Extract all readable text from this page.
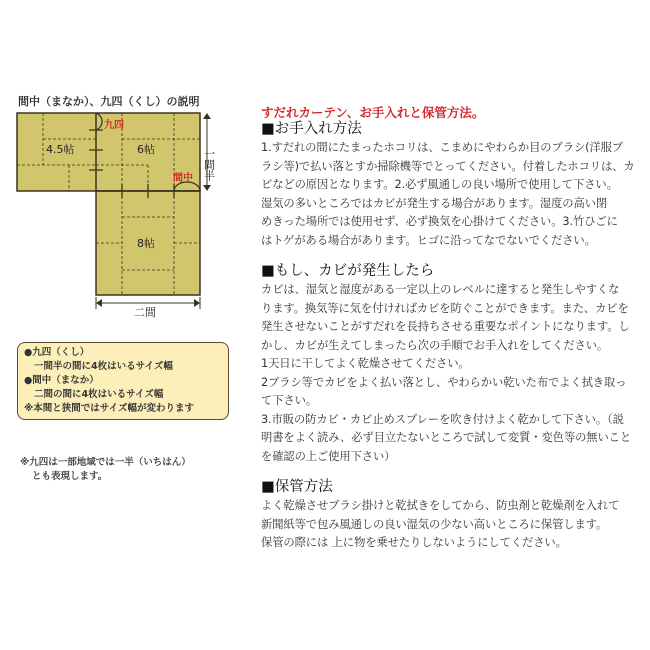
間中（まなか）、九四（くし）の説明
4.5帖	6帖
8帖
九四
間中 一間半
二間
●九四（くし）
一間半の間に4枚はいるサイズ幅
●間中（まなか）
二間の間に4枚はいるサイズ幅
※本間と狭間ではサイズ幅が変わります
※九四は一部地域では一半（いちはん）
とも表現します。
すだれカーテン、お手入れと保管方法。
■お手入れ方法

1.すだれの間にたまったホコリは、こまめにやわらか目のブラシ(洋服ブ

ラシ等)で払い落とすか掃除機等でとってください。付着したホコリは、カ

ビなどの原因となります。2.必ず風通しの良い場所で使用して下さい。

湿気の多いところではカビが発生する場合があります。湿度の高い閉

めきった場所では使用せず、必ず換気を心掛けてください。3.竹ひごに

はトゲがある場合があります。ヒゴに沿ってなでないでください。

■もし、カビが発生したら

カビは、湿気と湿度がある一定以上のレベルに達すると発生しやすくな

ります。換気等に気を付ければカビを防ぐことができます。また、カビを

発生させないことがすだれを長持ちさせる重要なポイントになります。し

かし、カビが生えてしまったら次の手順でお手入れをしてください。

1天日に干してよく乾燥させてください。

2ブラシ等でカビをよく払い落とし、やわらかい乾いた布でよく拭き取っ

て下さい。

3.市販の防カビ・カビ止めスプレーを吹き付けよく乾かして下さい。（説

明書をよく読み、必ず目立たないところで試して変質・変色等の無いこと

を確認の上ご使用下さい）

■保管方法

よく乾燥させブラシ掛けと乾拭きをしてから、防虫剤と乾燥剤を入れて

新聞紙等で包み風通しの良い湿気の少ない高いところに保管します。

保管の際には 上に物を乗せたりしないようにしてください。
